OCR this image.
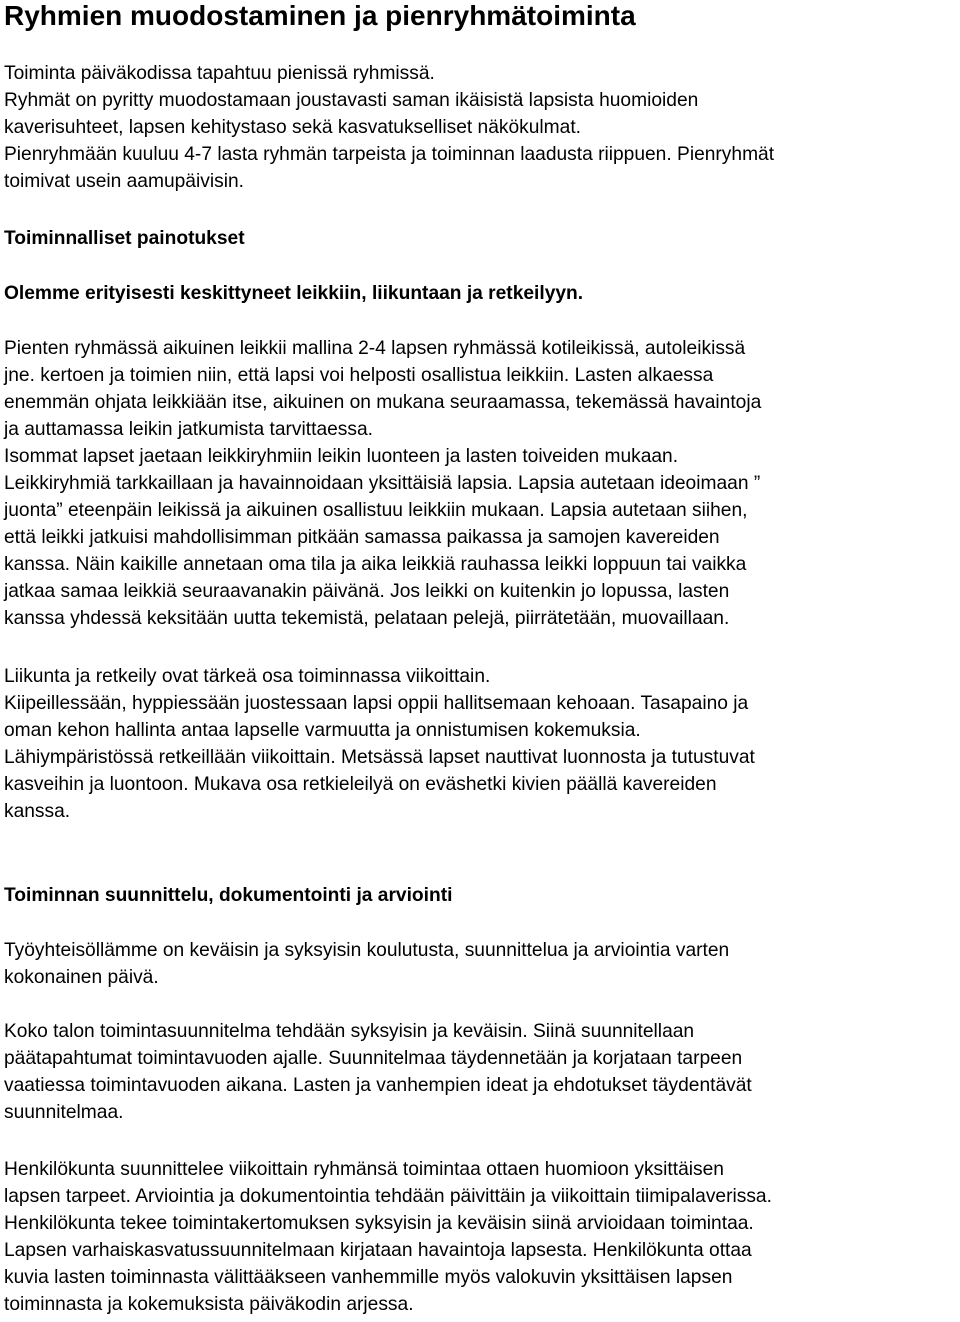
Ryhmien muodostaminen ja pienryhmätoiminta

Toiminta päiväkodissa tapahtuu pienissä ryhmissä.
Ryhmät on pyritty muodostamaan joustavasti saman ikäisistä lapsista huomioiden
kaverisuhteet, lapsen kehitystaso sekä kasvatukselliset näkökulmat.
Pienryhmään kuuluu 4-7 lasta ryhmän tarpeista ja toiminnan laadusta riippuen. Pienryhmät
toimivat usein aamupäivisin.

Toiminnalliset painotukset
Olemme erityisesti keskittyneet leikkiin, liikuntaan ja retkeilyyn.

Pienten ryhmässä aikuinen leikkii mallina 2-4 lapsen ryhmässä kotileikissä, autoleikissä
jne. kertoen ja toimien niin, että lapsi voi helposti osallistua leikkiin. Lasten alkaessa
enemmän ohjata leikkiään itse, aikuinen on mukana seuraamassa, tekemässä havaintoja
ja auttamassa leikin jatkumista tarvittaessa.
Isommat lapset jaetaan leikkiryhmiin leikin luonteen ja lasten toiveiden mukaan.
Leikkiryhmiä tarkkaillaan ja havainnoidaan yksittäisiä lapsia. Lapsia autetaan ideoimaan ”
juonta” eteenpäin leikissä ja aikuinen osallistuu leikkiin mukaan. Lapsia autetaan siihen,
että leikki jatkuisi mahdollisimman pitkään samassa paikassa ja samojen kavereiden
kanssa. Näin kaikille annetaan oma tila ja aika leikkiä rauhassa leikki loppuun tai vaikka
jatkaa samaa leikkiä seuraavanakin päivänä. Jos leikki on kuitenkin jo lopussa, lasten
kanssa yhdessä keksitään uutta tekemistä, pelataan pelejä, piirrätetään, muovaillaan.

Liikunta ja retkeily ovat tärkeä osa toiminnassa viikoittain.
Kiipeillessään, hyppiessään juostessaan lapsi oppii hallitsemaan kehoaan. Tasapaino ja
oman kehon hallinta antaa lapselle varmuutta ja onnistumisen kokemuksia.
Lähiympäristössä retkeillään viikoittain. Metsässä lapset nauttivat luonnosta ja tutustuvat
kasveihin ja luontoon. Mukava osa retkieleilyä on eväshetki kivien päällä kavereiden
kanssa.

Toiminnan suunnittelu, dokumentointi ja arviointi

Työyhteisöllämme on keväisin ja syksyisin koulutusta, suunnittelua ja arviointia varten
kokonainen päivä.

Koko talon toimintasuunnitelma tehdään syksyisin ja keväisin. Siinä suunnitellaan
päätapahtumat toimintavuoden ajalle. Suunnitelmaa täydennetään ja korjataan tarpeen
vaatiessa toimintavuoden aikana. Lasten ja vanhempien ideat ja ehdotukset täydentävät
suunnitelmaa.

Henkilökunta suunnittelee viikoittain ryhmänsä toimintaa ottaen huomioon yksittäisen
lapsen tarpeet. Arviointia ja dokumentointia tehdään päivittäin ja viikoittain tiimipalaverissa.
Henkilökunta tekee toimintakertomuksen syksyisin ja keväisin siinä arvioidaan toimintaa.
Lapsen varhaiskasvatussuunnitelmaan kirjataan havaintoja lapsesta. Henkilökunta ottaa
kuvia lasten toiminnasta välittääkseen vanhemmille myös valokuvin yksittäisen lapsen
toiminnasta ja kokemuksista päiväkodin arjessa.
